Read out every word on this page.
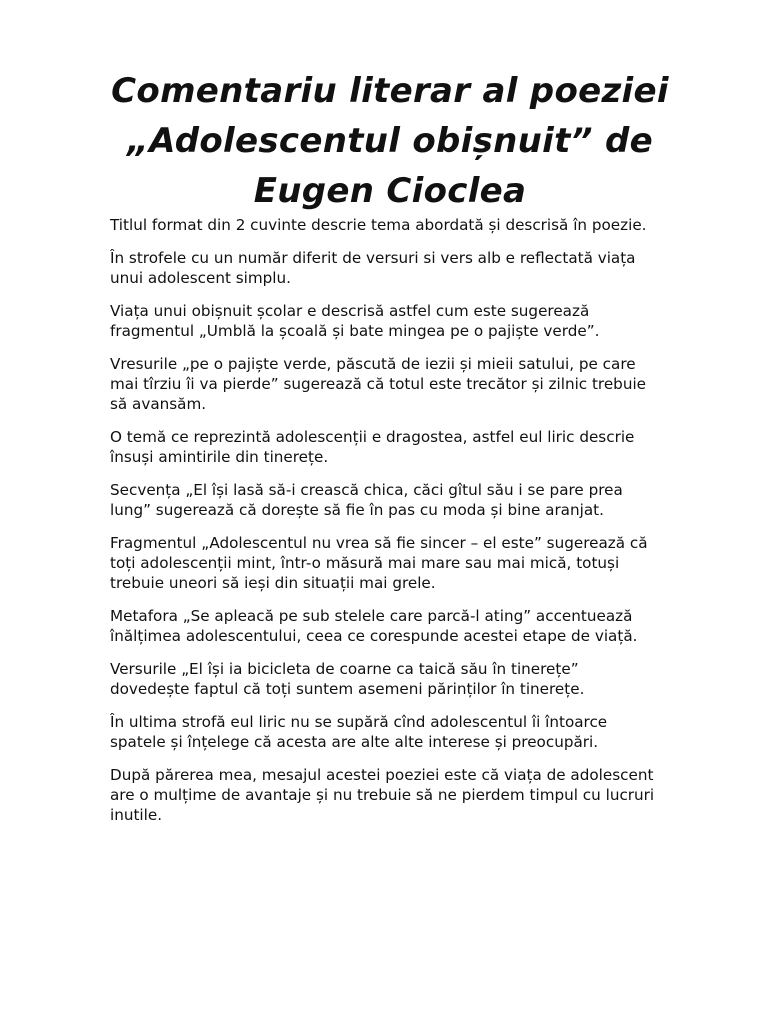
Comentariu literar al poeziei
„Adolescentul obișnuit” de
Eugen Cioclea

Titlul format din 2 cuvinte descrie tema abordată și descrisă în poezie.

În strofele cu un număr diferit de versuri si vers alb e reflectată viața
unui adolescent simplu.

Viața unui obișnuit școlar e descrisă astfel cum este sugerează
fragmentul „Umblă la școală și bate mingea pe o pajiște verde”.

Vresurile „pe o pajiște verde, păscută de iezii și mieii satului, pe care
mai tîrziu îi va pierde” sugerează că totul este trecător și zilnic trebuie
să avansăm.

O temă ce reprezintă adolescenții e dragostea, astfel eul liric descrie
însuși amintirile din tinerețe.

Secvența „El își lasă să-i crească chica, căci gîtul său i se pare prea
lung” sugerează că dorește să fie în pas cu moda și bine aranjat.

Fragmentul „Adolescentul nu vrea să fie sincer – el este” sugerează că
toți adolescenții mint, într-o măsură mai mare sau mai mică, totuși
trebuie uneori să ieși din situații mai grele.

Metafora „Se apleacă pe sub stelele care parcă-l ating” accentuează
înălțimea adolescentului, ceea ce corespunde acestei etape de viață.

Versurile „El își ia bicicleta de coarne ca taică său în tinerețe”
dovedește faptul că toți suntem asemeni părinților în tinerețe.

În ultima strofă eul liric nu se supără cînd adolescentul îi întoarce
spatele și înțelege că acesta are alte alte interese și preocupări.

După părerea mea, mesajul acestei poeziei este că viața de adolescent
are o mulțime de avantaje și nu trebuie să ne pierdem timpul cu lucruri
inutile.
